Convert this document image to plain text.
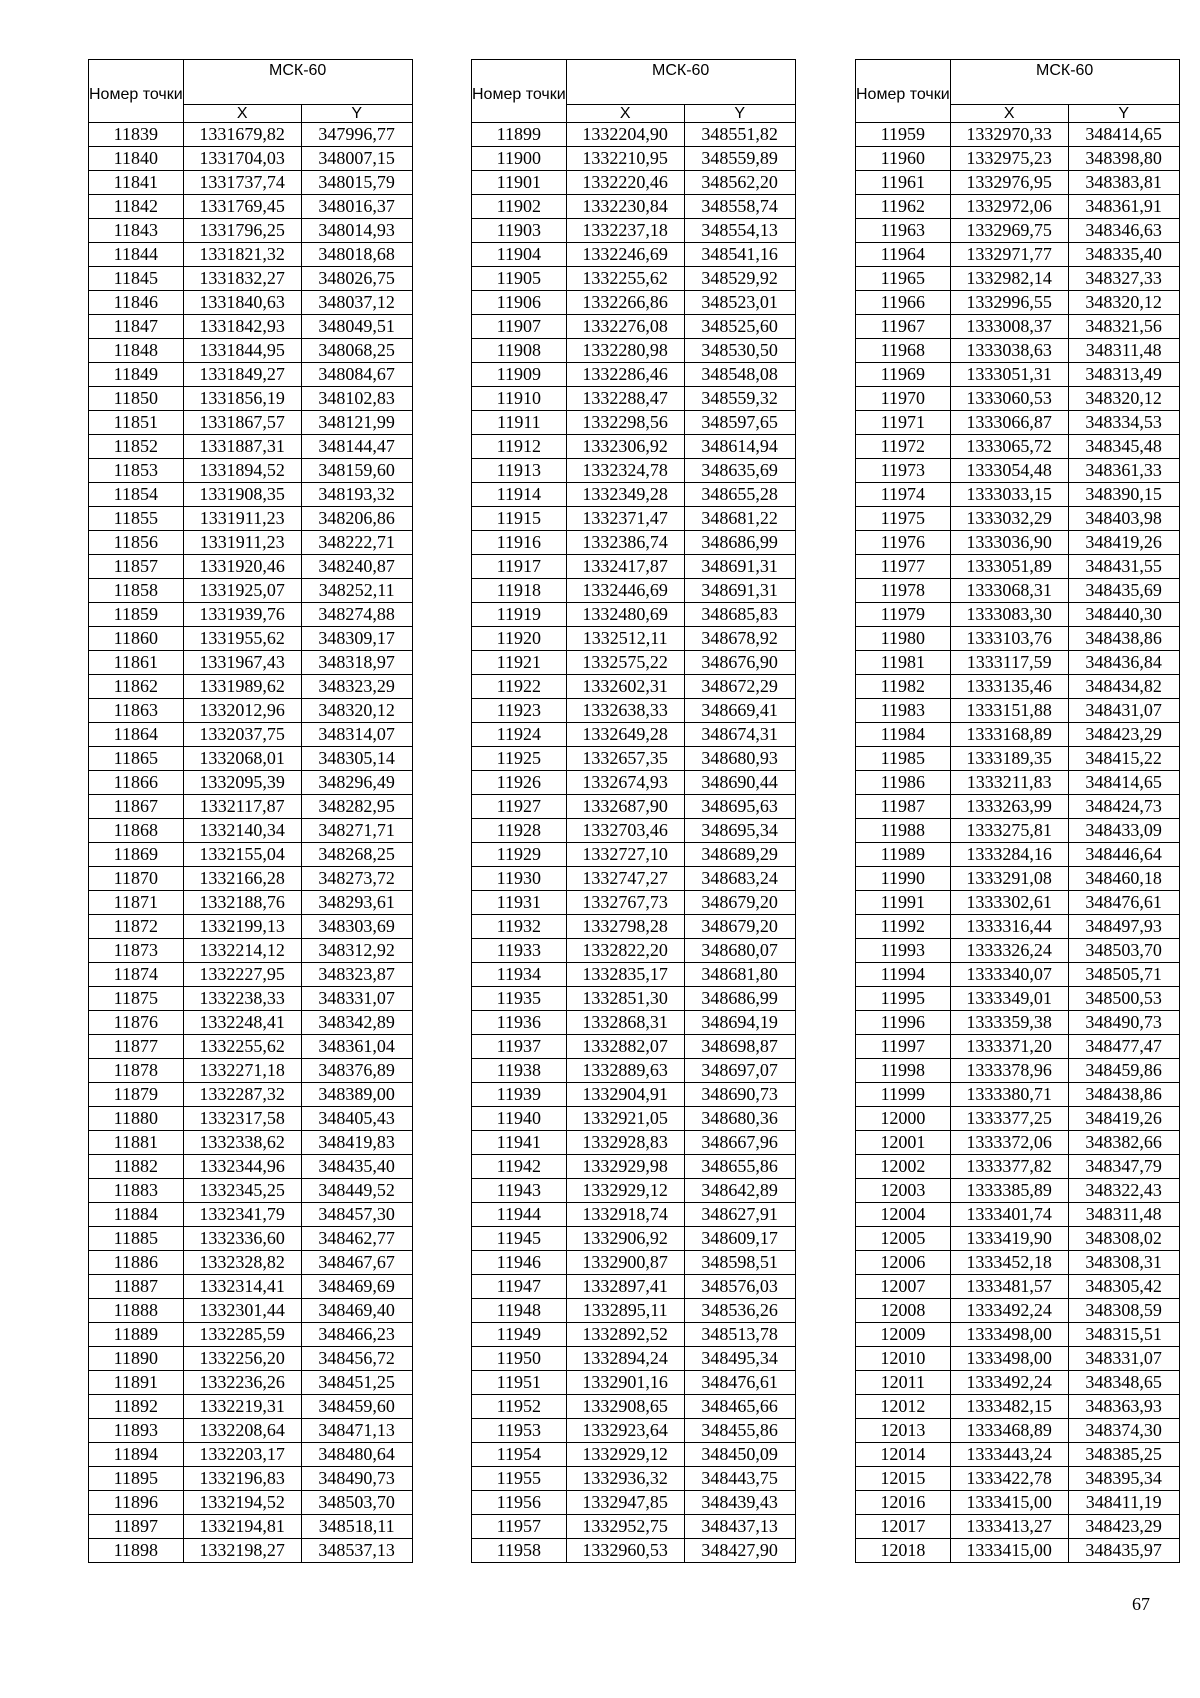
Номер точки	МСК-60	
	X	Y
11839	1331679,82	347996,77
11840	1331704,03	348007,15
11841	1331737,74	348015,79
11842	1331769,45	348016,37
11843	1331796,25	348014,93
11844	1331821,32	348018,68
11845	1331832,27	348026,75
11846	1331840,63	348037,12
11847	1331842,93	348049,51
11848	1331844,95	348068,25
11849	1331849,27	348084,67
11850	1331856,19	348102,83
11851	1331867,57	348121,99
11852	1331887,31	348144,47
11853	1331894,52	348159,60
11854	1331908,35	348193,32
11855	1331911,23	348206,86
11856	1331911,23	348222,71
11857	1331920,46	348240,87
11858	1331925,07	348252,11
11859	1331939,76	348274,88
11860	1331955,62	348309,17
11861	1331967,43	348318,97
11862	1331989,62	348323,29
11863	1332012,96	348320,12
11864	1332037,75	348314,07
11865	1332068,01	348305,14
11866	1332095,39	348296,49
11867	1332117,87	348282,95
11868	1332140,34	348271,71
11869	1332155,04	348268,25
11870	1332166,28	348273,72
11871	1332188,76	348293,61
11872	1332199,13	348303,69
11873	1332214,12	348312,92
11874	1332227,95	348323,87
11875	1332238,33	348331,07
11876	1332248,41	348342,89
11877	1332255,62	348361,04
11878	1332271,18	348376,89
11879	1332287,32	348389,00
11880	1332317,58	348405,43
11881	1332338,62	348419,83
11882	1332344,96	348435,40
11883	1332345,25	348449,52
11884	1332341,79	348457,30
11885	1332336,60	348462,77
11886	1332328,82	348467,67
11887	1332314,41	348469,69
11888	1332301,44	348469,40
11889	1332285,59	348466,23
11890	1332256,20	348456,72
11891	1332236,26	348451,25
11892	1332219,31	348459,60
11893	1332208,64	348471,13
11894	1332203,17	348480,64
11895	1332196,83	348490,73
11896	1332194,52	348503,70
11897	1332194,81	348518,11
11898	1332198,27	348537,13
Номер точки	МСК-60	
	X	Y
11899	1332204,90	348551,82
11900	1332210,95	348559,89
11901	1332220,46	348562,20
11902	1332230,84	348558,74
11903	1332237,18	348554,13
11904	1332246,69	348541,16
11905	1332255,62	348529,92
11906	1332266,86	348523,01
11907	1332276,08	348525,60
11908	1332280,98	348530,50
11909	1332286,46	348548,08
11910	1332288,47	348559,32
11911	1332298,56	348597,65
11912	1332306,92	348614,94
11913	1332324,78	348635,69
11914	1332349,28	348655,28
11915	1332371,47	348681,22
11916	1332386,74	348686,99
11917	1332417,87	348691,31
11918	1332446,69	348691,31
11919	1332480,69	348685,83
11920	1332512,11	348678,92
11921	1332575,22	348676,90
11922	1332602,31	348672,29
11923	1332638,33	348669,41
11924	1332649,28	348674,31
11925	1332657,35	348680,93
11926	1332674,93	348690,44
11927	1332687,90	348695,63
11928	1332703,46	348695,34
11929	1332727,10	348689,29
11930	1332747,27	348683,24
11931	1332767,73	348679,20
11932	1332798,28	348679,20
11933	1332822,20	348680,07
11934	1332835,17	348681,80
11935	1332851,30	348686,99
11936	1332868,31	348694,19
11937	1332882,07	348698,87
11938	1332889,63	348697,07
11939	1332904,91	348690,73
11940	1332921,05	348680,36
11941	1332928,83	348667,96
11942	1332929,98	348655,86
11943	1332929,12	348642,89
11944	1332918,74	348627,91
11945	1332906,92	348609,17
11946	1332900,87	348598,51
11947	1332897,41	348576,03
11948	1332895,11	348536,26
11949	1332892,52	348513,78
11950	1332894,24	348495,34
11951	1332901,16	348476,61
11952	1332908,65	348465,66
11953	1332923,64	348455,86
11954	1332929,12	348450,09
11955	1332936,32	348443,75
11956	1332947,85	348439,43
11957	1332952,75	348437,13
11958	1332960,53	348427,90
Номер точки	МСК-60	
	X	Y
11959	1332970,33	348414,65
11960	1332975,23	348398,80
11961	1332976,95	348383,81
11962	1332972,06	348361,91
11963	1332969,75	348346,63
11964	1332971,77	348335,40
11965	1332982,14	348327,33
11966	1332996,55	348320,12
11967	1333008,37	348321,56
11968	1333038,63	348311,48
11969	1333051,31	348313,49
11970	1333060,53	348320,12
11971	1333066,87	348334,53
11972	1333065,72	348345,48
11973	1333054,48	348361,33
11974	1333033,15	348390,15
11975	1333032,29	348403,98
11976	1333036,90	348419,26
11977	1333051,89	348431,55
11978	1333068,31	348435,69
11979	1333083,30	348440,30
11980	1333103,76	348438,86
11981	1333117,59	348436,84
11982	1333135,46	348434,82
11983	1333151,88	348431,07
11984	1333168,89	348423,29
11985	1333189,35	348415,22
11986	1333211,83	348414,65
11987	1333263,99	348424,73
11988	1333275,81	348433,09
11989	1333284,16	348446,64
11990	1333291,08	348460,18
11991	1333302,61	348476,61
11992	1333316,44	348497,93
11993	1333326,24	348503,70
11994	1333340,07	348505,71
11995	1333349,01	348500,53
11996	1333359,38	348490,73
11997	1333371,20	348477,47
11998	1333378,96	348459,86
11999	1333380,71	348438,86
12000	1333377,25	348419,26
12001	1333372,06	348382,66
12002	1333377,82	348347,79
12003	1333385,89	348322,43
12004	1333401,74	348311,48
12005	1333419,90	348308,02
12006	1333452,18	348308,31
12007	1333481,57	348305,42
12008	1333492,24	348308,59
12009	1333498,00	348315,51
12010	1333498,00	348331,07
12011	1333492,24	348348,65
12012	1333482,15	348363,93
12013	1333468,89	348374,30
12014	1333443,24	348385,25
12015	1333422,78	348395,34
12016	1333415,00	348411,19
12017	1333413,27	348423,29
12018	1333415,00	348435,97
67
